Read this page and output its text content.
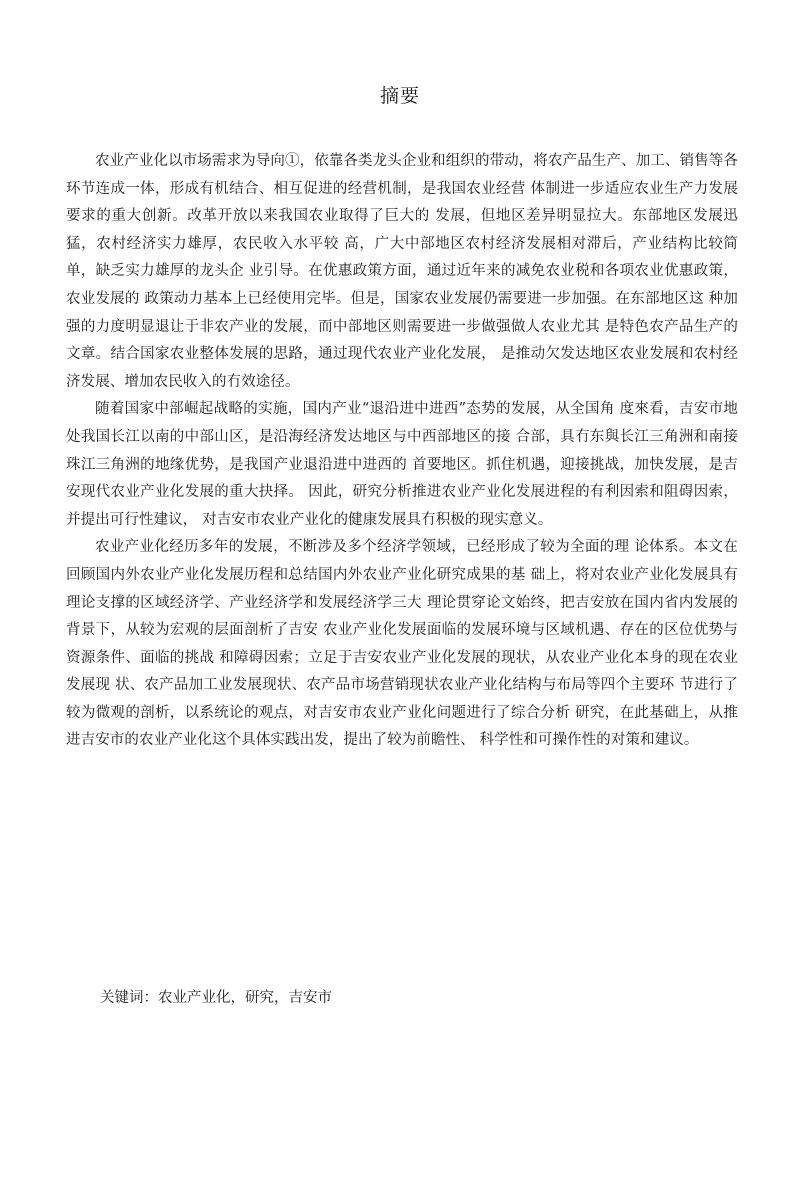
摘要

农业产业化以市场需求为导向①，依靠各类龙头企业和组织的带动，将农产品生产、加工、销售等各环节连成一体，形成有机结合、相互促进的经营机制，是我国农业经营 体制进一步适应农业生产力发展要求的重大创新。改革开放以来我国农业取得了巨大的 发展，但地区差异明显拉大。东部地区发展迅猛，农村经济实力雄厚，农民收入水平较 高，广大中部地区农村经济发展相对滞后，产业结构比较简单，缺乏实力雄厚的龙头企 业引导。在优惠政策方面，通过近年来的减免农业税和各项农业优惠政策，农业发展的 政策动力基本上已经使用完毕。但是，国家农业发展仍需要进一步加强。在东部地区这 种加强的力度明显退让于非农产业的发展，而中部地区则需要进一步做强做人农业尤其 是特色农产品生产的文章。结合国家农业整体发展的思路，通过现代农业产业化发展， 是推动欠发达地区农业发展和农村经济发展、增加农民收入的冇效途径。

随着国家中部崛起战略的实施，国内产业“退沿进中进西”态势的发展，从全国角 度來看，吉安市地处我国长江以南的中部山区，是沿海经济发达地区与中西部地区的接 合部，具冇东與长江三角洲和南接珠江三角洲的地缘优势，是我国产业退沿进中进西的 首要地区。抓住机遇，迎接挑战，加快发展，是吉安现代农业产业化发展的重大抉择。 因此，研究分析推进农业产业化发展进程的有利因索和阻碍因索，并提出可行性建议， 对吉安市农业产业化的健康发展具冇积极的现实意义。

农业产业化经历多年的发展，不断涉及多个经济学领域，已经形成了较为全面的理 论体系。本文在回顾国内外农业产业化发展历程和总结国内外农业产业化研究成果的基 础上，将对农业产业化发展具有理论支撑的区域经济学、产业经济学和发展经济学三大 理论贯穿论文始终，把吉安放在国内省内发展的背景下，从较为宏观的层面剖析了吉安 农业产业化发展面临的发展环境与区域机遇、存在的区位优势与资源条件、面临的挑战 和障碍因索；立足于吉安农业产业化发展的现状，从农业产业化本身的现在农业发展现 状、农产品加工业发展现状、农产品市场营销现状农业产业化结构与布局等四个主要环 节进行了较为微观的剖析，以系统论的观点，对吉安市农业产业化问题进行了综合分析 研究，在此基础上，从推进吉安市的农业产业化这个具体实践出发，提出了较为前瞻性、 科学性和可操作性的对策和建议。

关键词：农业产业化，研究，吉安市
